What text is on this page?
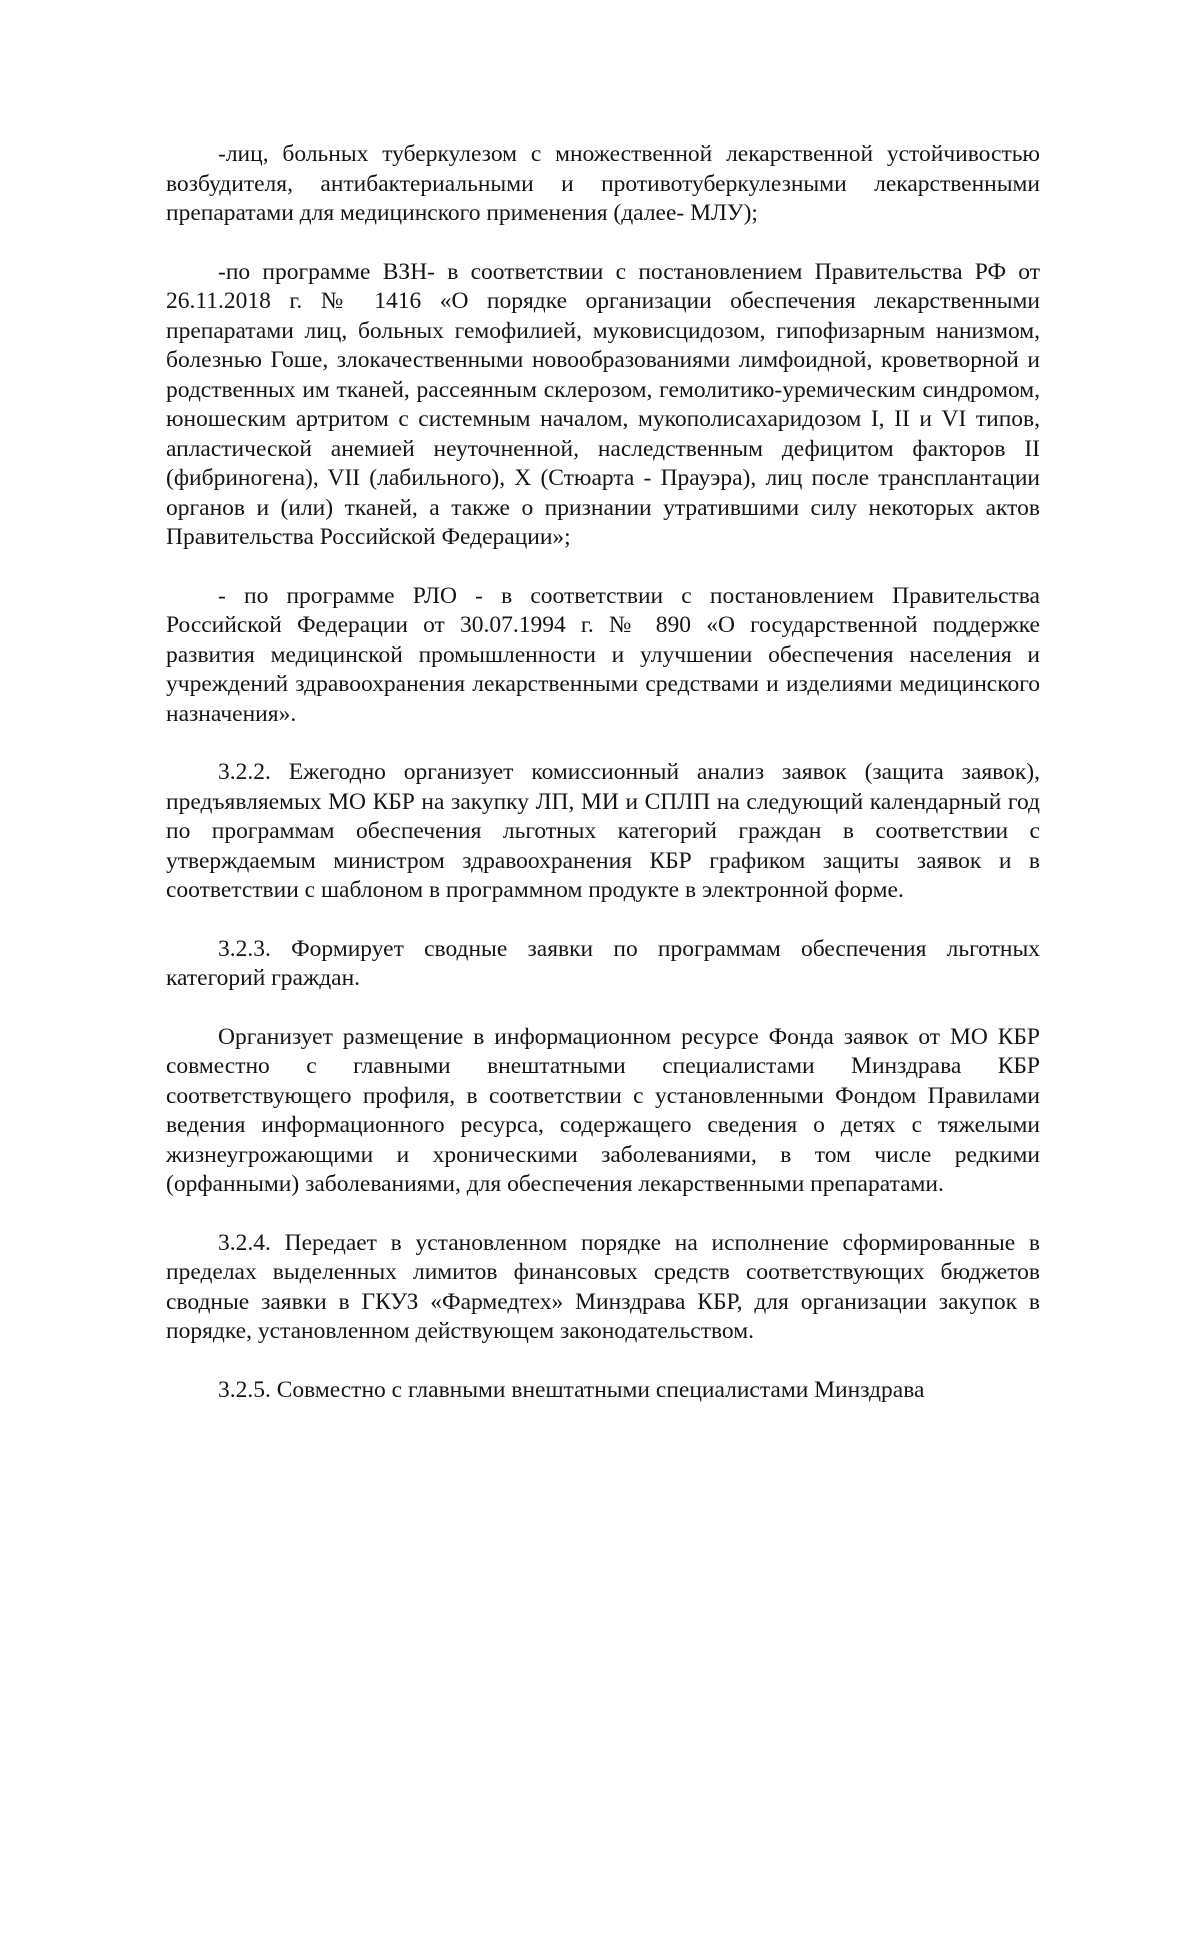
-лиц, больных туберкулезом с множественной лекарственной устойчивостью возбудителя, антибактериальными и противотуберкулезными лекарственными препаратами для медицинского применения (далее- МЛУ);

-по программе ВЗН- в соответствии с постановлением Правительства РФ от 26.11.2018 г. № 1416 «О порядке организации обеспечения лекарственными препаратами лиц, больных гемофилией, муковисцидозом, гипофизарным нанизмом, болезнью Гоше, злокачественными новообразованиями лимфоидной, кроветворной и родственных им тканей, рассеянным склерозом, гемолитико-уремическим синдромом, юношеским артритом с системным началом, мукополисахаридозом I, II и VI типов, апластической анемией неуточненной, наследственным дефицитом факторов II (фибриногена), VII (лабильного), X (Стюарта - Прауэра), лиц после трансплантации органов и (или) тканей, а также о признании утратившими силу некоторых актов Правительства Российской Федерации»;

- по программе РЛО - в соответствии с постановлением Правительства Российской Федерации от 30.07.1994 г. № 890 «О государственной поддержке развития медицинской промышленности и улучшении обеспечения населения и учреждений здравоохранения лекарственными средствами и изделиями медицинского назначения».

3.2.2. Ежегодно организует комиссионный анализ заявок (защита заявок), предъявляемых МО КБР на закупку ЛП, МИ и СПЛП на следующий календарный год по программам обеспечения льготных категорий граждан в соответствии с утверждаемым министром здравоохранения КБР графиком защиты заявок и в соответствии с шаблоном в программном продукте в электронной форме.

3.2.3. Формирует сводные заявки по программам обеспечения льготных категорий граждан.

Организует размещение в информационном ресурсе Фонда заявок от МО КБР совместно с главными внештатными специалистами Минздрава КБР соответствующего профиля, в соответствии с установленными Фондом Правилами ведения информационного ресурса, содержащего сведения о детях с тяжелыми жизнеугрожающими и хроническими заболеваниями, в том числе редкими (орфанными) заболеваниями, для обеспечения лекарственными препаратами.

3.2.4. Передает в установленном порядке на исполнение сформированные в пределах выделенных лимитов финансовых средств соответствующих бюджетов сводные заявки в ГКУЗ «Фармедтех» Минздрава КБР, для организации закупок в порядке, установленном действующем законодательством.

3.2.5. Совместно с главными внештатными специалистами Минздрава
